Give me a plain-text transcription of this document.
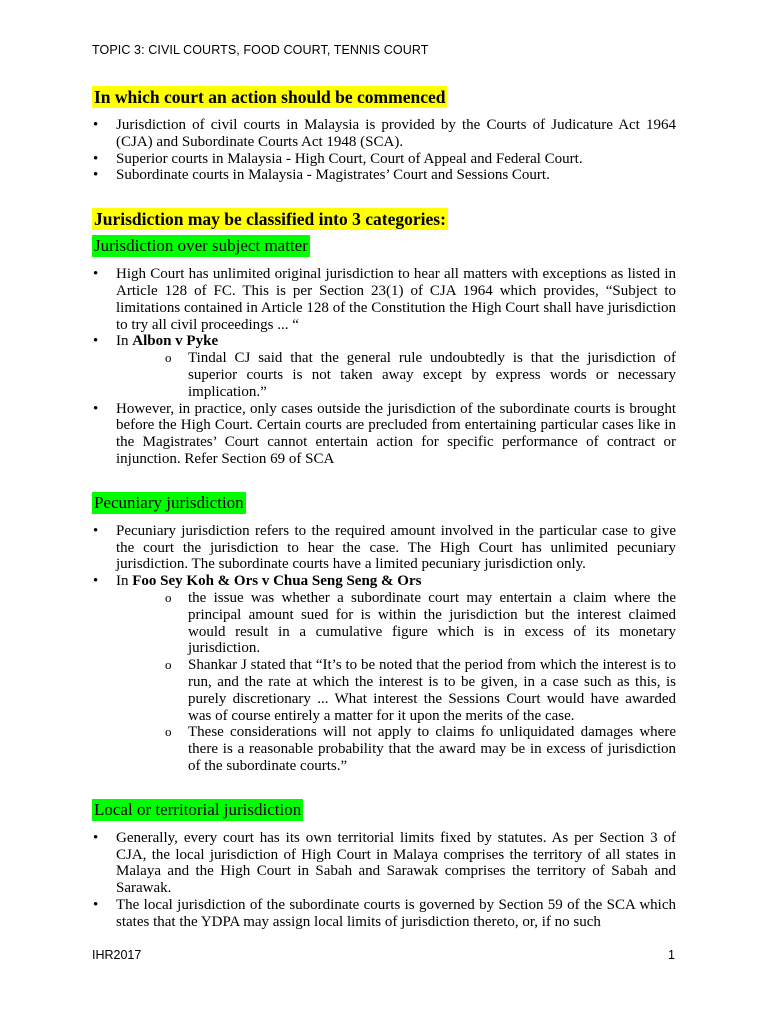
TOPIC 3: CIVIL COURTS, FOOD COURT, TENNIS COURT
In which court an action should be commenced
• Jurisdiction of civil courts in Malaysia is provided by the Courts of Judicature Act 1964 (CJA) and Subordinate Courts Act 1948 (SCA).
• Superior courts in Malaysia - High Court, Court of Appeal and Federal Court.
• Subordinate courts in Malaysia - Magistrates’ Court and Sessions Court.
Jurisdiction may be classified into 3 categories:
Jurisdiction over subject matter
• High Court has unlimited original jurisdiction to hear all matters with exceptions as listed in Article 128 of FC. This is per Section 23(1) of CJA 1964 which provides, “Subject to limitations contained in Article 128 of the Constitution the High Court shall have jurisdiction to try all civil proceedings ... “
• In Albon v Pyke
o Tindal CJ said that the general rule undoubtedly is that the jurisdiction of superior courts is not taken away except by express words or necessary implication.”
• However, in practice, only cases outside the jurisdiction of the subordinate courts is brought before the High Court. Certain courts are precluded from entertaining particular cases like in the Magistrates’ Court cannot entertain action for specific performance of contract or injunction. Refer Section 69 of SCA
Pecuniary jurisdiction
• Pecuniary jurisdiction refers to the required amount involved in the particular case to give the court the jurisdiction to hear the case. The High Court has unlimited pecuniary jurisdiction. The subordinate courts have a limited pecuniary jurisdiction only.
• In Foo Sey Koh & Ors v Chua Seng Seng & Ors
o the issue was whether a subordinate court may entertain a claim where the principal amount sued for is within the jurisdiction but the interest claimed would result in a cumulative figure which is in excess of its monetary jurisdiction.
o Shankar J stated that “It’s to be noted that the period from which the interest is to run, and the rate at which the interest is to be given, in a case such as this, is purely discretionary ... What interest the Sessions Court would have awarded was of course entirely a matter for it upon the merits of the case.
o These considerations will not apply to claims fo unliquidated damages where there is a reasonable probability that the award may be in excess of jurisdiction of the subordinate courts.”
Local or territorial jurisdiction
• Generally, every court has its own territorial limits fixed by statutes. As per Section 3 of CJA, the local jurisdiction of High Court in Malaya comprises the territory of all states in Malaya and the High Court in Sabah and Sarawak comprises the territory of Sabah and Sarawak.
• The local jurisdiction of the subordinate courts is governed by Section 59 of the SCA which states that the YDPA may assign local limits of jurisdiction thereto, or, if no such
IHR2017	1
